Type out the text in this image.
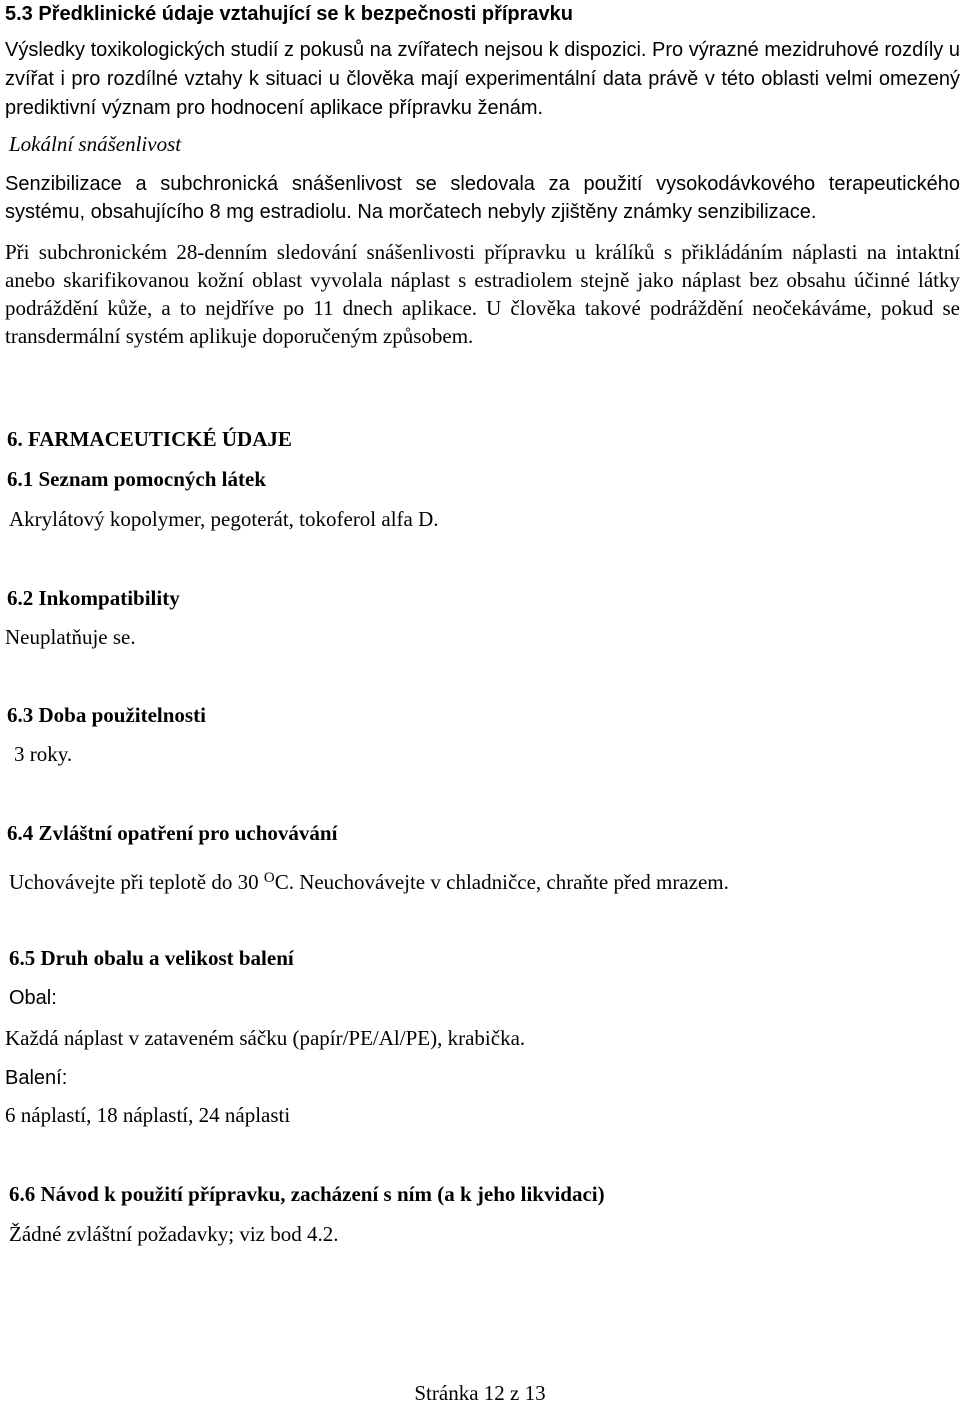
5.3 Předklinické údaje vztahující se k bezpečnosti přípravku

Výsledky toxikologických studií z pokusů na zvířatech nejsou k dispozici. Pro výrazné mezidruhové rozdíly u zvířat i pro rozdílné vztahy k situaci u člověka mají experimentální data právě v této oblasti velmi omezený prediktivní význam pro hodnocení aplikace přípravku ženám.

Lokální snášenlivost

Senzibilizace a subchronická snášenlivost se sledovala za použití vysokodávkového terapeutického systému, obsahujícího 8 mg estradiolu. Na morčatech nebyly zjištěny známky senzibilizace.

Při subchronickém 28-denním sledování snášenlivosti přípravku u králíků s přikládáním náplasti na intaktní anebo skarifikovanou kožní oblast vyvolala náplast s estradiolem stejně jako náplast bez obsahu účinné látky podráždění kůže, a to nejdříve po 11 dnech aplikace. U člověka takové podráždění neočekáváme, pokud se transdermální systém aplikuje doporučeným způsobem.

6. FARMACEUTICKÉ ÚDAJE
6.1 Seznam pomocných látek

Akrylátový kopolymer, pegoterát, tokoferol alfa D.

6.2 Inkompatibility

Neuplatňuje se.

6.3 Doba použitelnosti

3 roky.

6.4 Zvláštní opatření pro uchovávání

Uchovávejte při teplotě do 30 $^O$C. Neuchovávejte v chladničce, chraňte před mrazem.

6.5 Druh obalu a velikost balení

Obal:

Každá náplast v zataveném sáčku (papír/PE/Al/PE), krabička.

Balení:

6 náplastí, 18 náplastí, 24 náplasti

6.6 Návod k použití přípravku, zacházení s ním (a k jeho likvidaci)

Žádné zvláštní požadavky; viz bod 4.2.

Stránka 12 z 13
